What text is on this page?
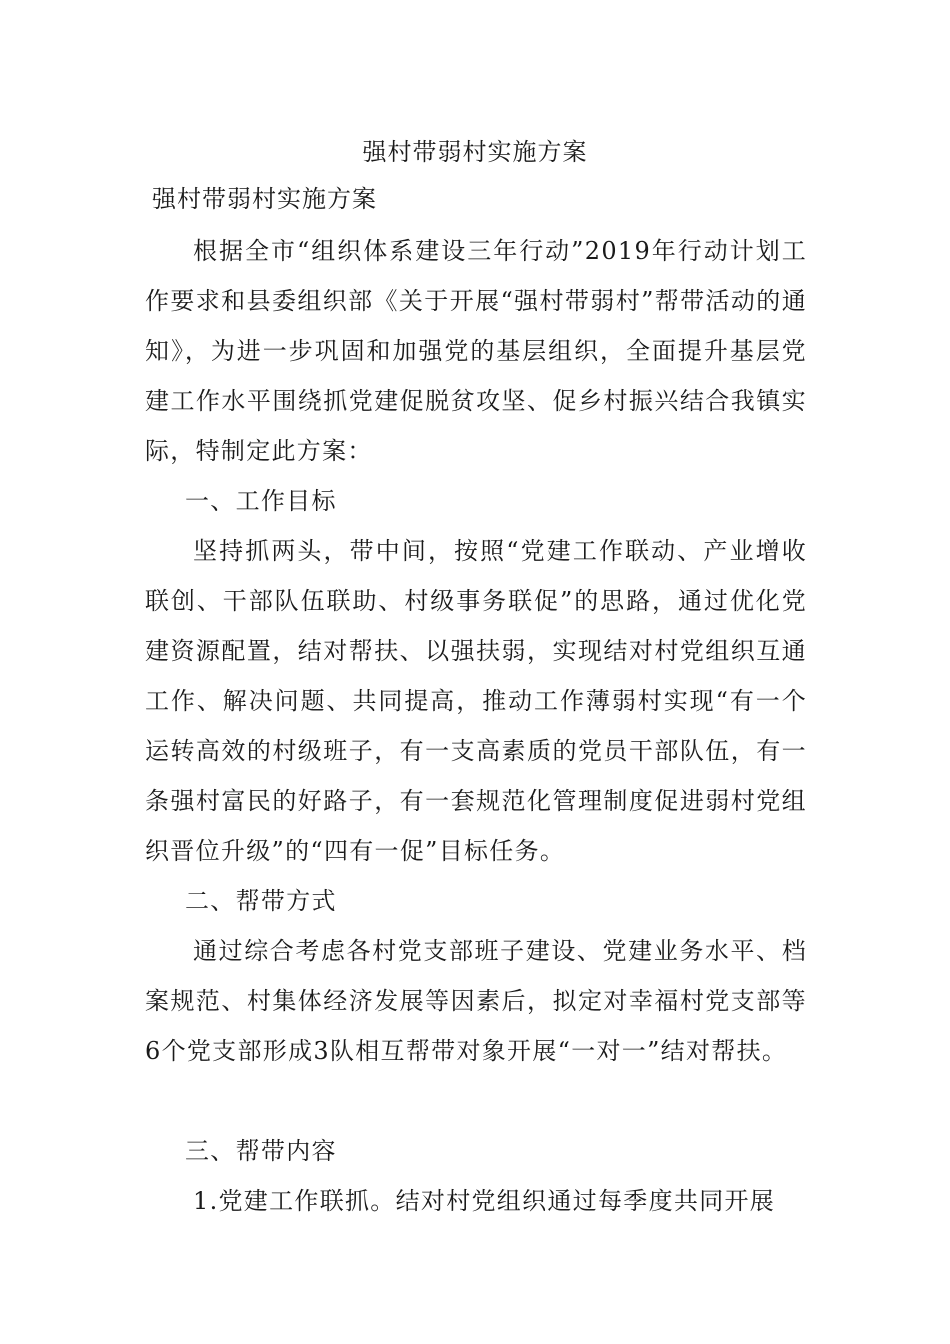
强村带弱村实施方案

强村带弱村实施方案

根据全市“组织体系建设三年行动”2019年行动计划工作要求和县委组织部《关于开展“强村带弱村”帮带活动的通知》，为进一步巩固和加强党的基层组织，全面提升基层党建工作水平围绕抓党建促脱贫攻坚、促乡村振兴结合我镇实际，特制定此方案：

一、工作目标

坚持抓两头，带中间，按照“党建工作联动、产业增收联创、干部队伍联助、村级事务联促”的思路，通过优化党建资源配置，结对帮扶、以强扶弱，实现结对村党组织互通工作、解决问题、共同提高，推动工作薄弱村实现“有一个运转高效的村级班子，有一支高素质的党员干部队伍，有一条强村富民的好路子，有一套规范化管理制度促进弱村党组织晋位升级”的“四有一促”目标任务。

二、帮带方式

通过综合考虑各村党支部班子建设、党建业务水平、档案规范、村集体经济发展等因素后，拟定对幸福村党支部等6个党支部形成3队相互帮带对象开展“一对一”结对帮扶。

三、帮带内容

1.党建工作联抓。结对村党组织通过每季度共同开展
